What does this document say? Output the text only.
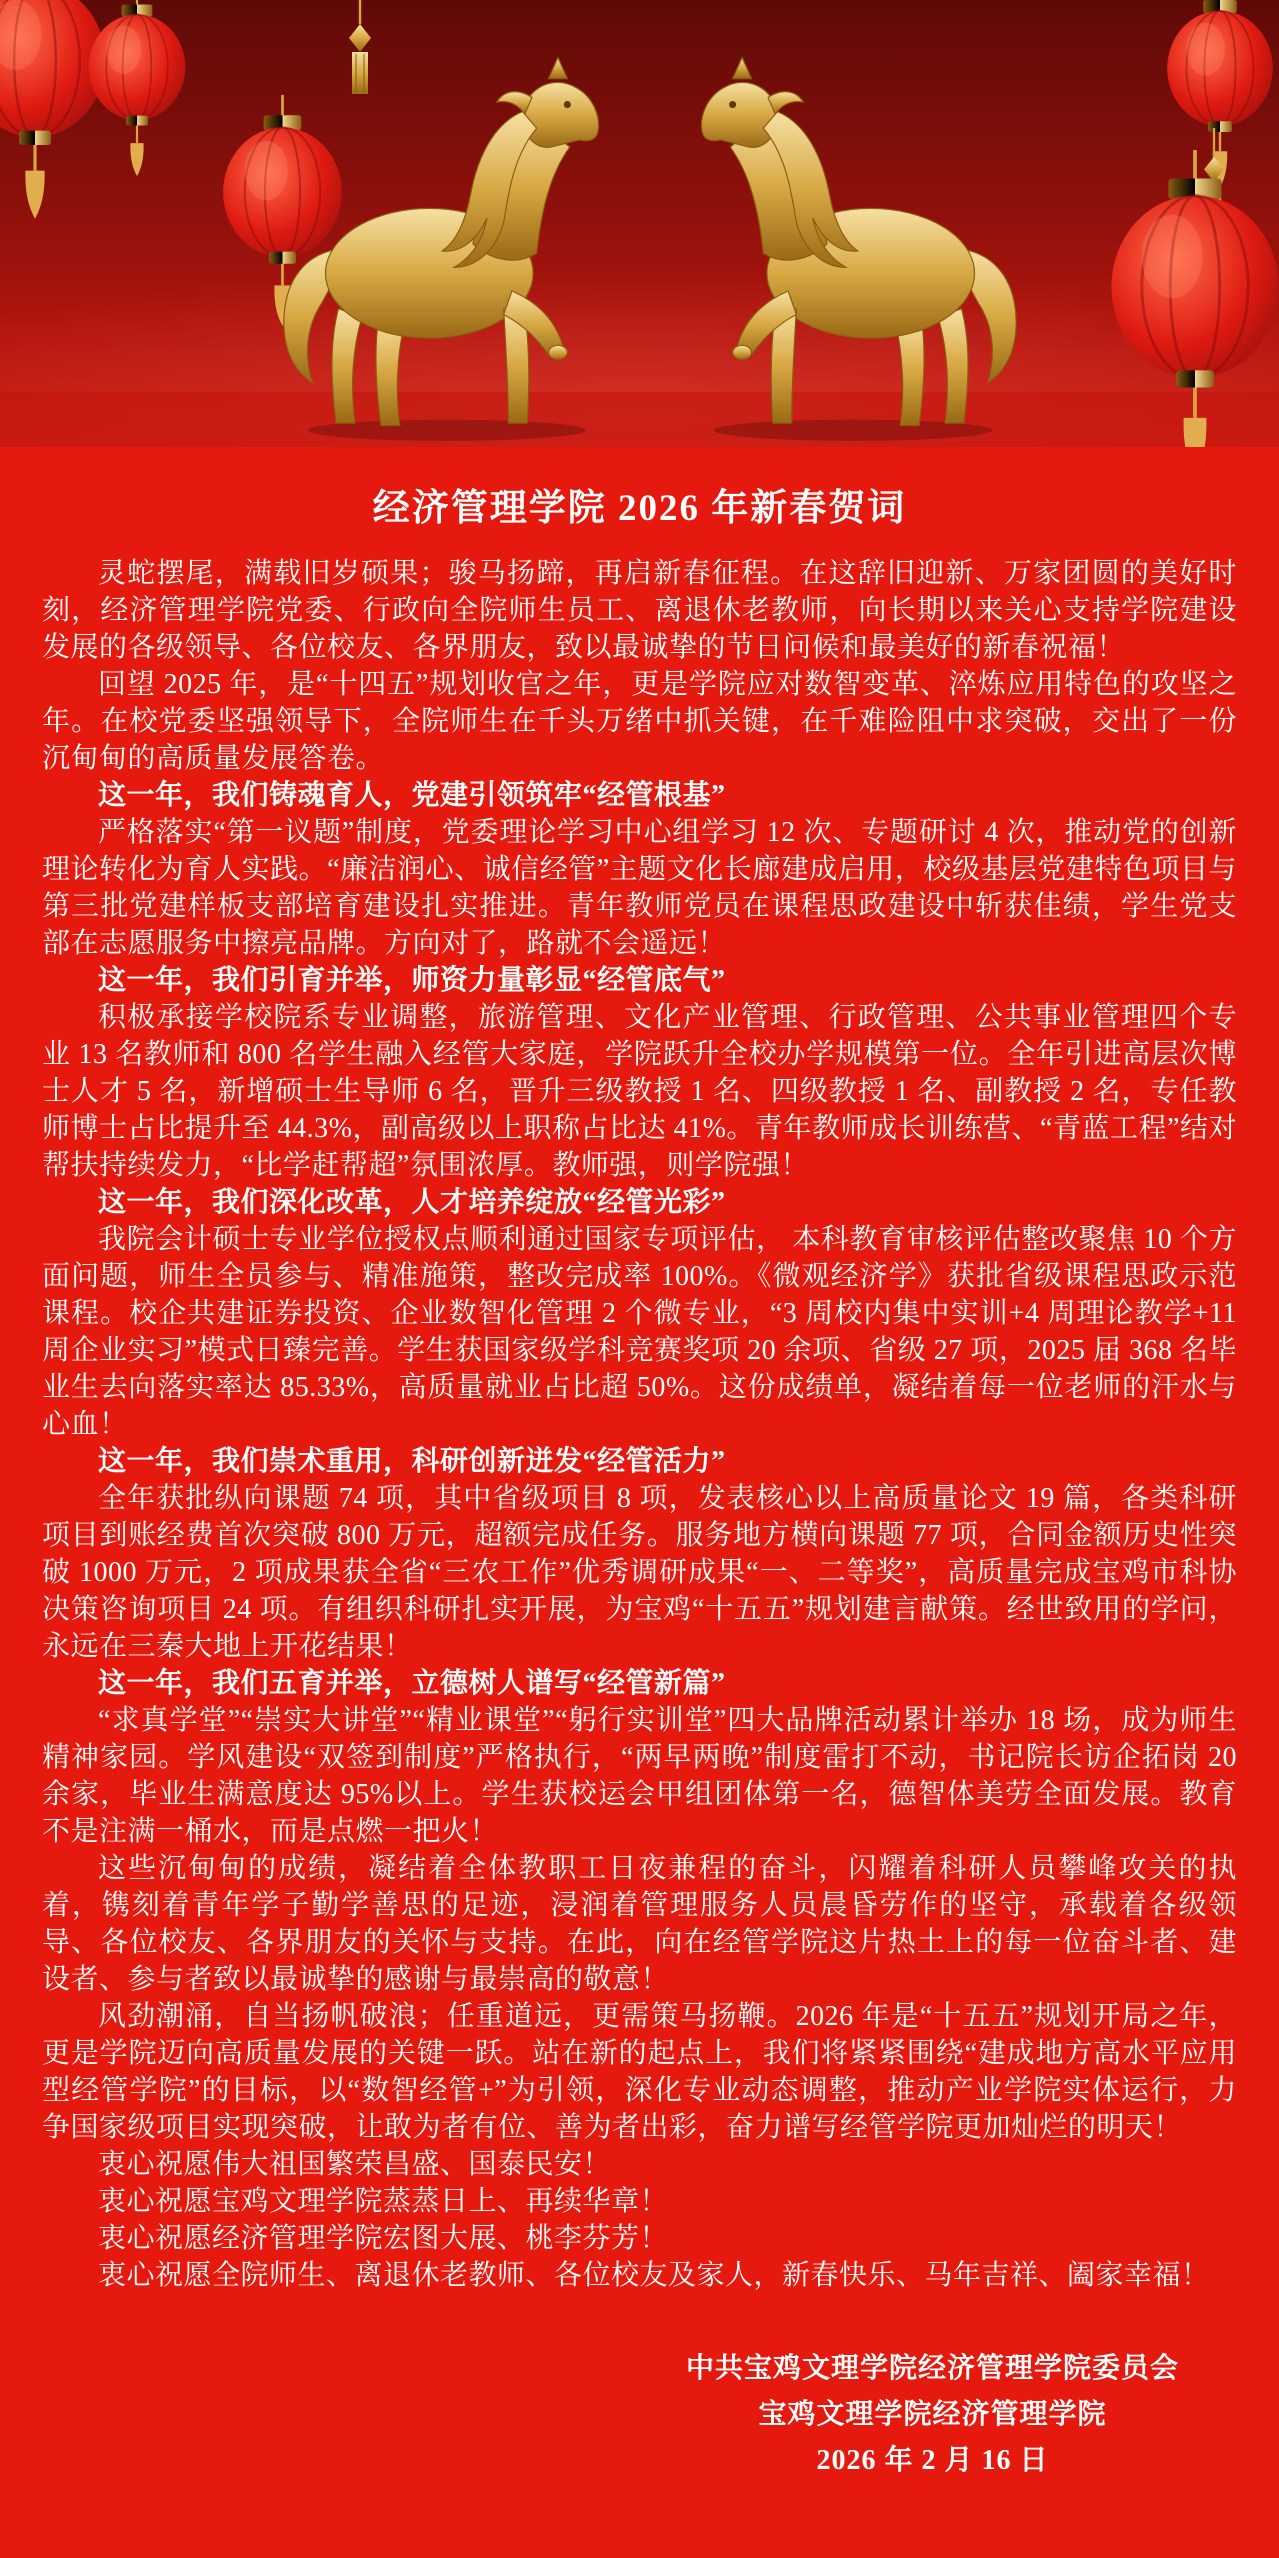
经济管理学院 2026 年新春贺词

灵蛇摆尾，满载旧岁硕果；骏马扬蹄，再启新春征程。在这辞旧迎新、万家团圆的美好时刻，经济管理学院党委、行政向全院师生员工、离退休老教师，向长期以来关心支持学院建设发展的各级领导、各位校友、各界朋友，致以最诚挚的节日问候和最美好的新春祝福！

回望 2025 年，是“十四五”规划收官之年，更是学院应对数智变革、淬炼应用特色的攻坚之年。在校党委坚强领导下，全院师生在千头万绪中抓关键，在千难险阻中求突破，交出了一份沉甸甸的高质量发展答卷。

这一年，我们铸魂育人，党建引领筑牢“经管根基”

严格落实“第一议题”制度，党委理论学习中心组学习 12 次、专题研讨 4 次，推动党的创新理论转化为育人实践。“廉洁润心、诚信经管”主题文化长廊建成启用，校级基层党建特色项目与第三批党建样板支部培育建设扎实推进。青年教师党员在课程思政建设中斩获佳绩，学生党支部在志愿服务中擦亮品牌。方向对了，路就不会遥远！

这一年，我们引育并举，师资力量彰显“经管底气”

积极承接学校院系专业调整，旅游管理、文化产业管理、行政管理、公共事业管理四个专业 13 名教师和 800 名学生融入经管大家庭，学院跃升全校办学规模第一位。全年引进高层次博士人才 5 名，新增硕士生导师 6 名，晋升三级教授 1 名、四级教授 1 名、副教授 2 名，专任教师博士占比提升至 44.3%，副高级以上职称占比达 41%。青年教师成长训练营、“青蓝工程”结对帮扶持续发力，“比学赶帮超”氛围浓厚。教师强，则学院强！

这一年，我们深化改革，人才培养绽放“经管光彩”

我院会计硕士专业学位授权点顺利通过国家专项评估， 本科教育审核评估整改聚焦 10 个方面问题，师生全员参与、精准施策，整改完成率 100%。《微观经济学》获批省级课程思政示范课程。校企共建证券投资、企业数智化管理 2 个微专业，“3 周校内集中实训+4 周理论教学+11 周企业实习”模式日臻完善。学生获国家级学科竞赛奖项 20 余项、省级 27 项，2025 届 368 名毕业生去向落实率达 85.33%，高质量就业占比超 50%。这份成绩单，凝结着每一位老师的汗水与心血！

这一年，我们崇术重用，科研创新迸发“经管活力”

全年获批纵向课题 74 项，其中省级项目 8 项，发表核心以上高质量论文 19 篇，各类科研项目到账经费首次突破 800 万元，超额完成任务。服务地方横向课题 77 项，合同金额历史性突破 1000 万元，2 项成果获全省“三农工作”优秀调研成果“一、二等奖”，高质量完成宝鸡市科协决策咨询项目 24 项。有组织科研扎实开展，为宝鸡“十五五”规划建言献策。经世致用的学问，永远在三秦大地上开花结果！

这一年，我们五育并举，立德树人谱写“经管新篇”

“求真学堂”“崇实大讲堂”“精业课堂”“躬行实训堂”四大品牌活动累计举办 18 场，成为师生精神家园。学风建设“双签到制度”严格执行，“两早两晚”制度雷打不动，书记院长访企拓岗 20余家，毕业生满意度达 95%以上。学生获校运会甲组团体第一名，德智体美劳全面发展。教育不是注满一桶水，而是点燃一把火！

这些沉甸甸的成绩，凝结着全体教职工日夜兼程的奋斗，闪耀着科研人员攀峰攻关的执着，镌刻着青年学子勤学善思的足迹，浸润着管理服务人员晨昏劳作的坚守，承载着各级领导、各位校友、各界朋友的关怀与支持。在此，向在经管学院这片热土上的每一位奋斗者、建设者、参与者致以最诚挚的感谢与最崇高的敬意！

风劲潮涌，自当扬帆破浪；任重道远，更需策马扬鞭。2026 年是“十五五”规划开局之年，更是学院迈向高质量发展的关键一跃。站在新的起点上，我们将紧紧围绕“建成地方高水平应用型经管学院”的目标，以“数智经管+”为引领，深化专业动态调整，推动产业学院实体运行，力争国家级项目实现突破，让敢为者有位、善为者出彩，奋力谱写经管学院更加灿烂的明天！

衷心祝愿伟大祖国繁荣昌盛、国泰民安！

衷心祝愿宝鸡文理学院蒸蒸日上、再续华章！

衷心祝愿经济管理学院宏图大展、桃李芬芳！

衷心祝愿全院师生、离退休老教师、各位校友及家人，新春快乐、马年吉祥、阖家幸福！

中共宝鸡文理学院经济管理学院委员会

宝鸡文理学院经济管理学院

2026 年 2 月 16 日
